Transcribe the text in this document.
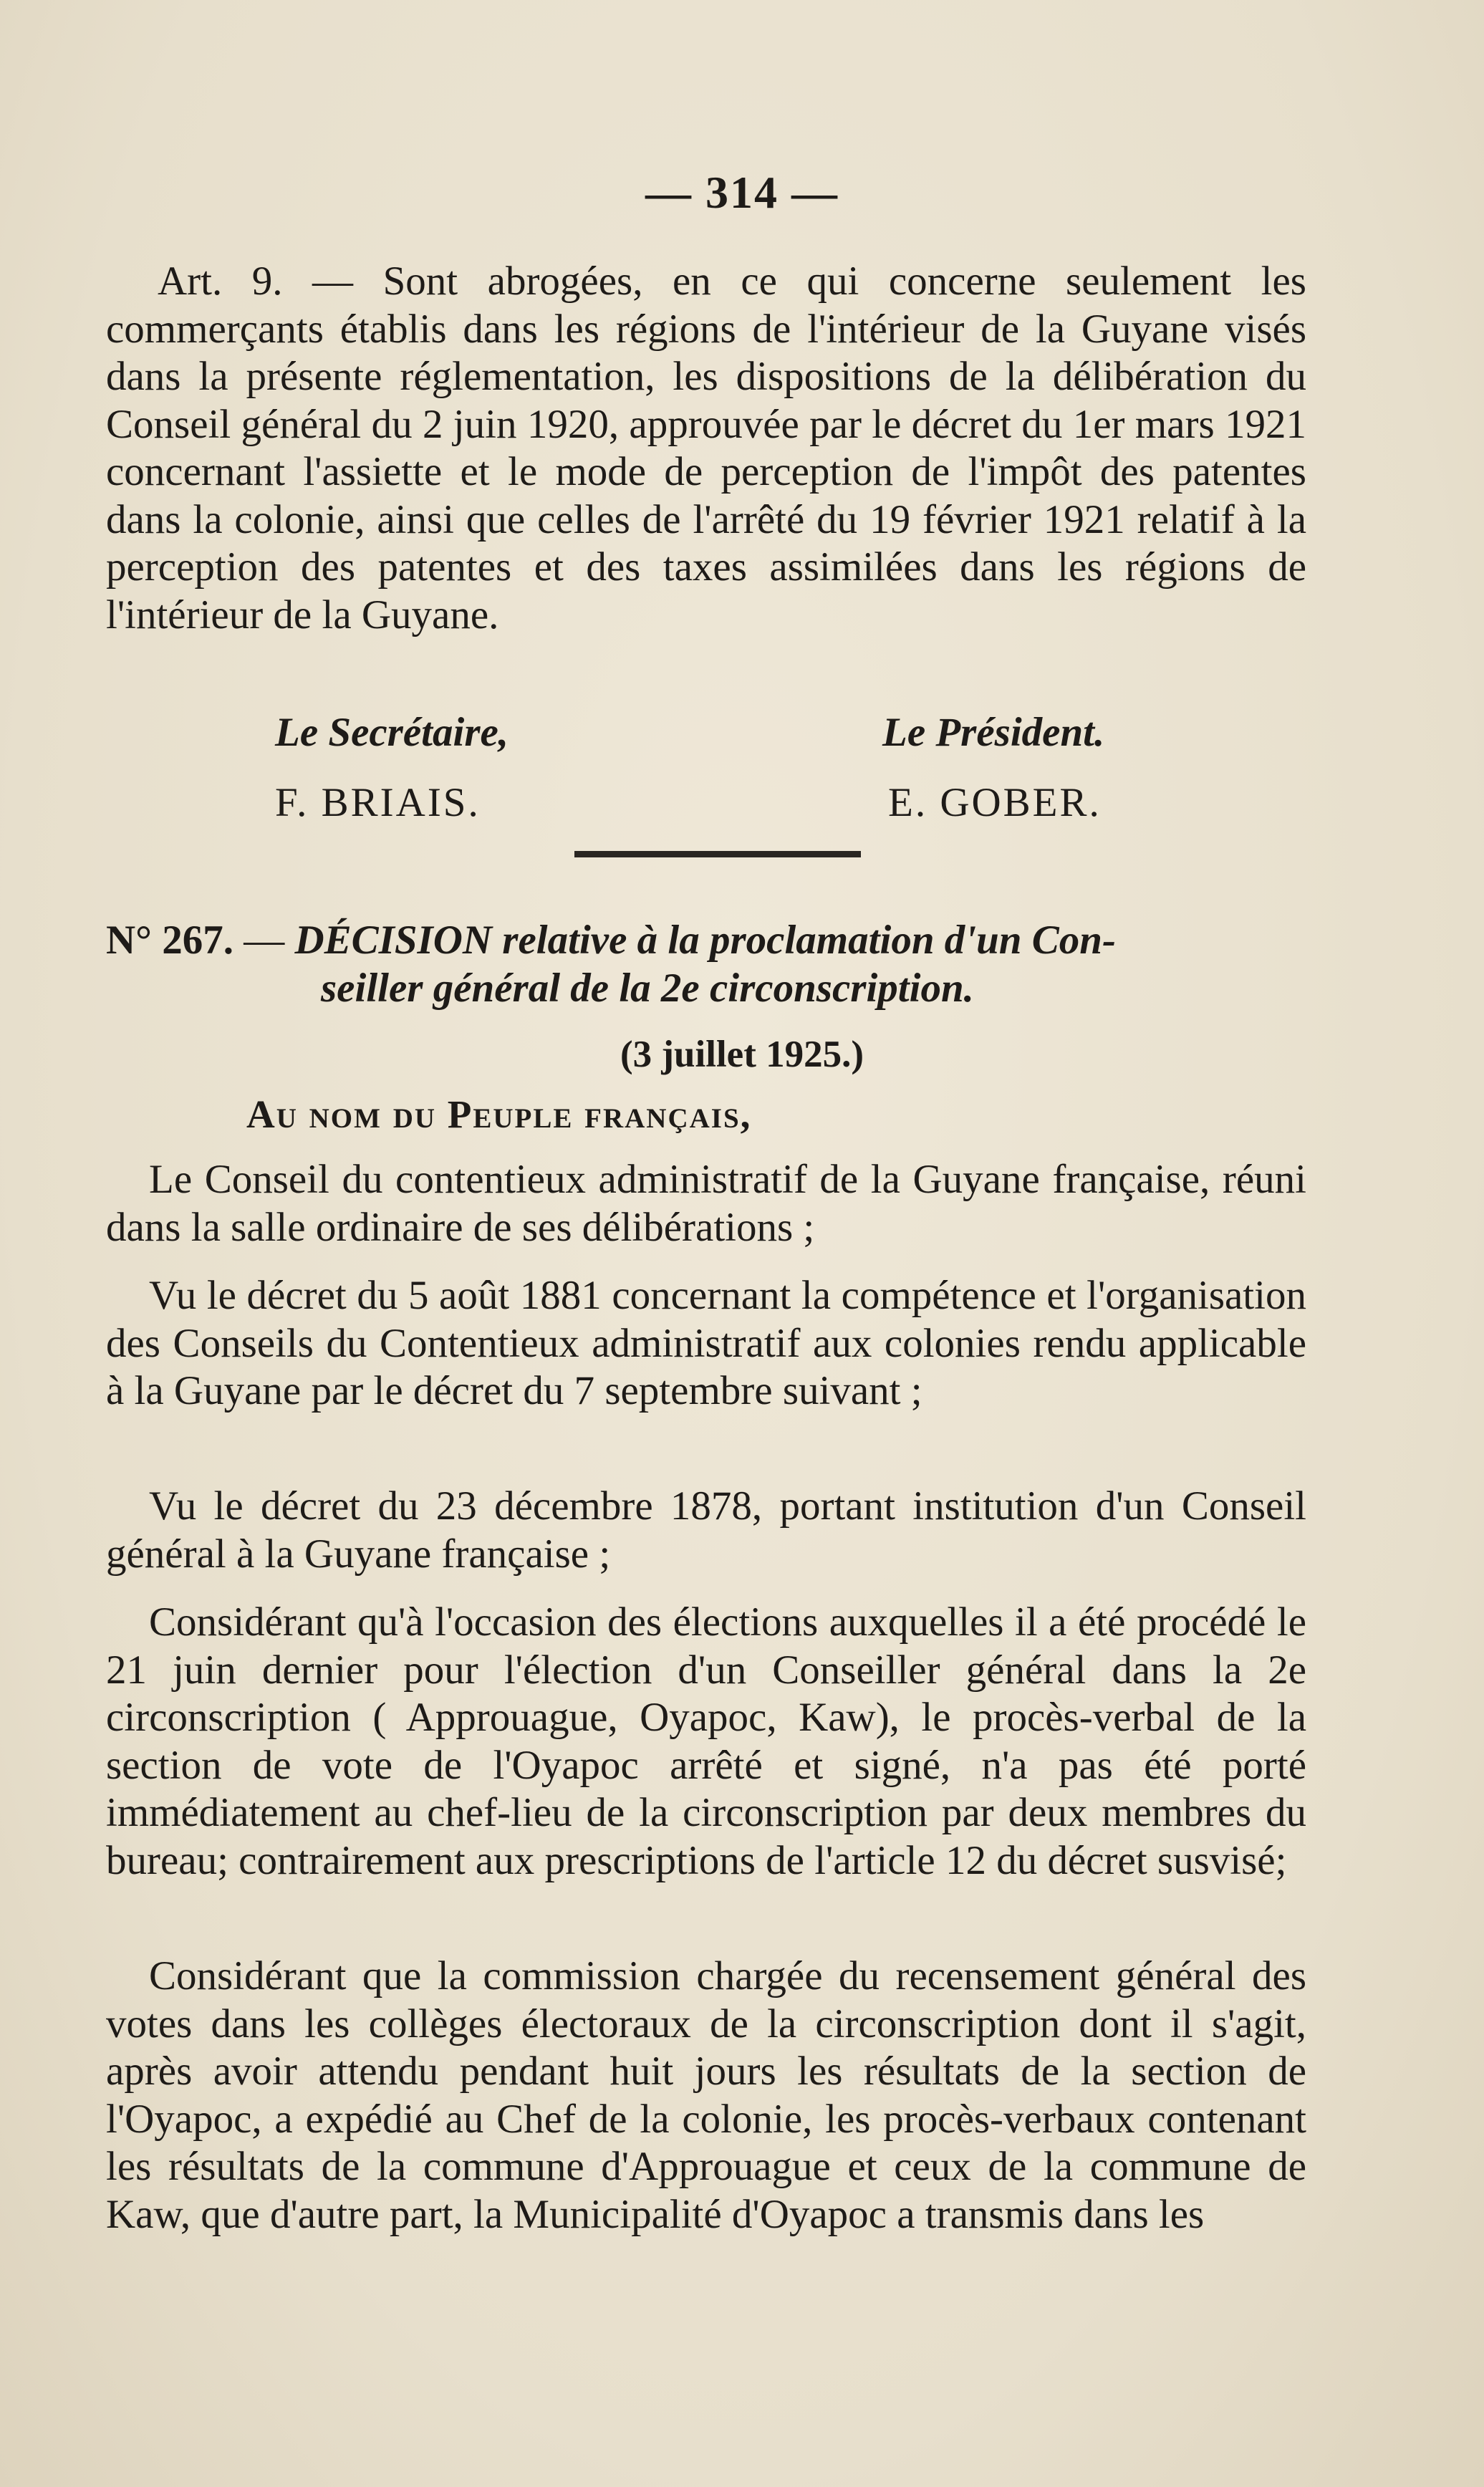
— 314 —

Art. 9. — Sont abrogées, en ce qui concerne seulement les commerçants établis dans les régions de l'intérieur de la Guyane visés dans la présente réglementation, les dispositions de la délibération du Conseil général du 2 juin 1920, approuvée par le décret du 1er mars 1921 concernant l'assiette et le mode de perception de l'impôt des patentes dans la colonie, ainsi que celles de l'arrêté du 19 février 1921 relatif à la perception des patentes et des taxes assimilées dans les régions de l'intérieur de la Guyane.

Le Secrétaire,	Le Président.
F. BRIAIS.	E. GOBER.

N° 267. — DÉCISION relative à la proclamation d'un Con-
seiller général de la 2e circonscription.

(3 juillet 1925.)
Au nom du Peuple français,

Le Conseil du contentieux administratif de la Guyane française, réuni dans la salle ordinaire de ses délibérations ;

Vu le décret du 5 août 1881 concernant la compétence et l'organisation des Conseils du Contentieux administratif aux colonies rendu applicable à la Guyane par le décret du 7 septembre suivant ;

Vu le décret du 23 décembre 1878, portant institution d'un Conseil général à la Guyane française ;

Considérant qu'à l'occasion des élections auxquelles il a été procédé le 21 juin dernier pour l'élection d'un Conseiller général dans la 2e circonscription ( Approuague, Oyapoc, Kaw), le procès-verbal de la section de vote de l'Oyapoc arrêté et signé, n'a pas été porté immédiatement au chef-lieu de la circonscription par deux membres du bureau; contrairement aux prescriptions de l'article 12 du décret susvisé;

Considérant que la commission chargée du recensement général des votes dans les collèges électoraux de la circonscription dont il s'agit, après avoir attendu pendant huit jours les résultats de la section de l'Oyapoc, a expédié au Chef de la colonie, les procès-verbaux contenant les résultats de la commune d'Approuague et ceux de la commune de Kaw, que d'autre part, la Municipalité d'Oyapoc a transmis dans les
